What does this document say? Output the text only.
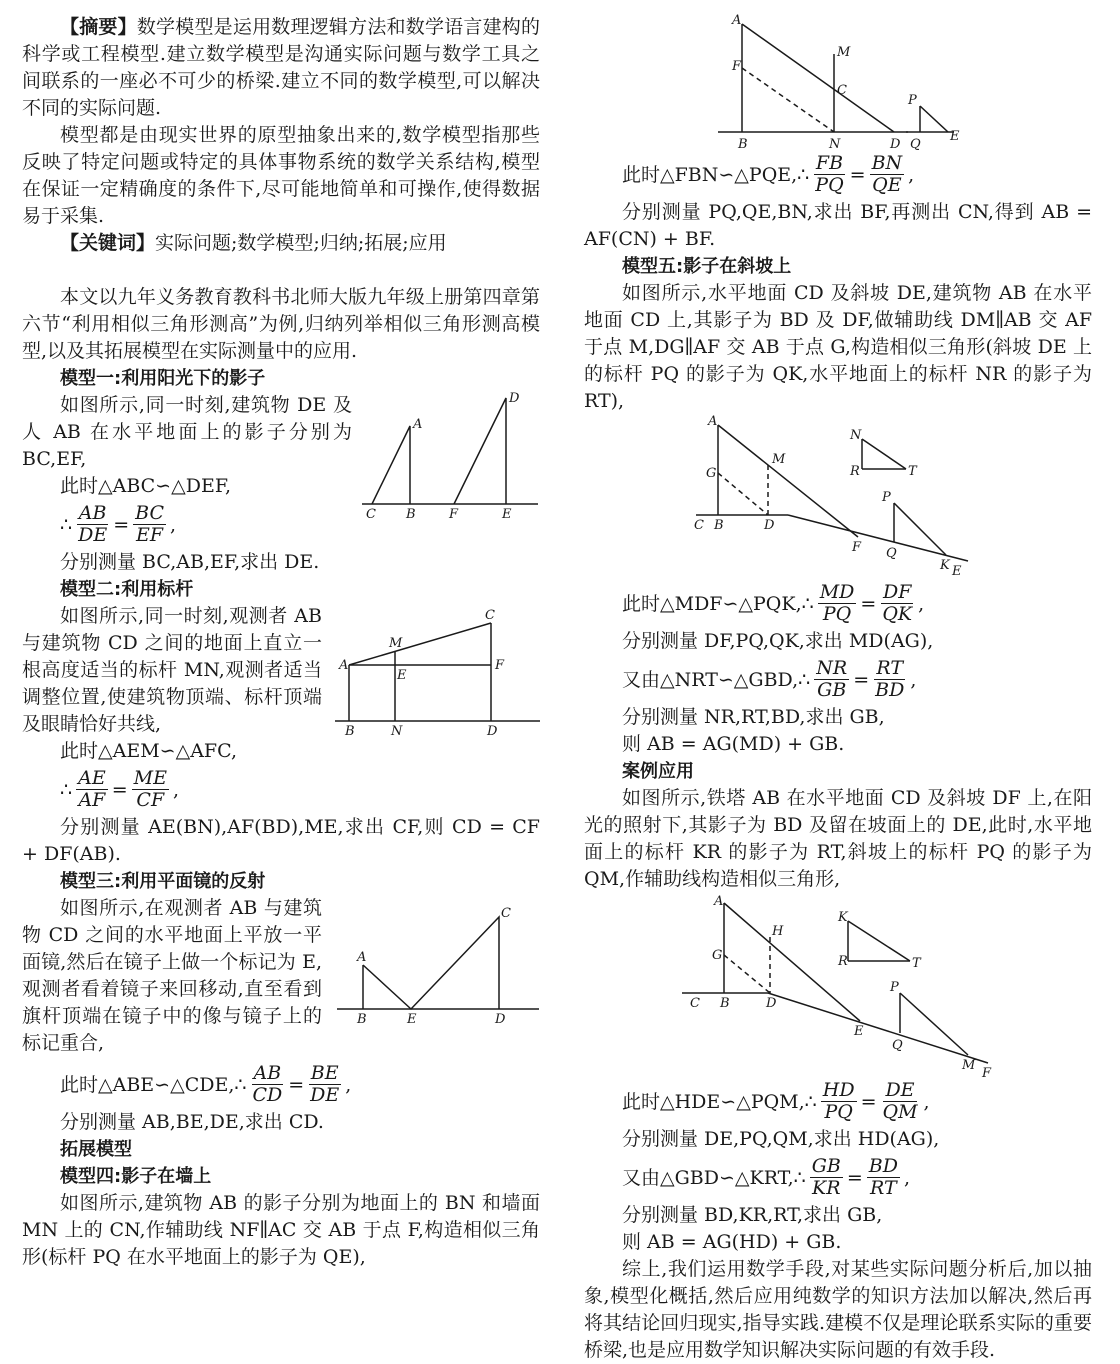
【摘要】数学模型是运用数理逻辑方法和数学语言建构的科学或工程模型.建立数学模型是沟通实际问题与数学工具之间联系的一座必不可少的桥梁.建立不同的数学模型,可以解决不同的实际问题.

模型都是由现实世界的原型抽象出来的,数学模型指那些反映了特定问题或特定的具体事物系统的数学关系结构,模型在保证一定精确度的条件下,尽可能地简单和可操作,使得数据易于采集.

【关键词】实际问题;数学模型;归纳;拓展;应用

本文以九年义务教育教科书北师大版九年级上册第四章第六节“利用相似三角形测高”为例,归纳列举相似三角形测高模型,以及其拓展模型在实际测量中的应用.

模型一:利用阳光下的影子

如图所示,同一时刻,建筑物 DE 及人 AB 在水平地面上的影子分别为 BC,EF,

此时△ABC∽△DEF,

∴ $\frac{AB}{DE} = \frac{BC}{EF}$ ,
A
B
C
D
E
F

分别测量 BC,AB,EF,求出 DE.

模型二:利用标杆

如图所示,同一时刻,观测者 AB 与建筑物 CD 之间的地面上直立一根高度适当的标杆 MN,观测者适当调整位置,使建筑物顶端、标杆顶端及眼睛恰好共线,

此时△AEM∽△AFC,

∴ $\frac{AE}{AF} = \frac{ME}{CF}$ ,
A
B
C
D
E
F
M
N

分别测量 AE(BN),AF(BD),ME,求出 CF,则 CD = CF + DF(AB).

模型三:利用平面镜的反射

如图所示,在观测者 AB 与建筑物 CD 之间的水平地面上平放一平面镜,然后在镜子上做一个标记为 E,观测者看着镜子来回移动,直至看到旗杆顶端在镜子中的像与镜子上的标记重合,

A
B
C
D
E
此时△ABE∽△CDE,∴ $\frac{AB}{CD} = \frac{BE}{DE}$ ,

分别测量 AB,BE,DE,求出 CD.

拓展模型
模型四:影子在墙上

如图所示,建筑物 AB 的影子分别为地面上的 BN 和墙面 MN 上的 CN,作辅助线 NF∥AC 交 AB 于点 F,构造相似三角形(标杆 PQ 在水平地面上的影子为 QE),

A
B
C
D
F
M
N
P
Q
E
此时△FBN∽△PQE,∴ $\frac{FB}{PQ} = \frac{BN}{QE}$ ,

分别测量 PQ,QE,BN,求出 BF,再测出 CN,得到 AB = AF(CN) + BF.

模型五:影子在斜坡上

如图所示,水平地面 CD 及斜坡 DE,建筑物 AB 在水平地面 CD 上,其影子为 BD 及 DF,做辅助线 DM∥AB 交 AF 于点 M,DG∥AF 交 AB 于点 G,构造相似三角形(斜坡 DE 上的标杆 PQ 的影子为 QK,水平地面上的标杆 NR 的影子为 RT),

A
B
C	D
E
F
G
M
N
R	T
P
Q
K
此时△MDF∽△PQK,∴ $\frac{MD}{PQ} = \frac{DF}{QK}$ ,

分别测量 DF,PQ,QK,求出 MD(AG),

又由△NRT∽△GBD,∴ $\frac{NR}{GB} = \frac{RT}{BD}$ ,

分别测量 NR,RT,BD,求出 GB,

则 AB = AG(MD) + GB.

案例应用

如图所示,铁塔 AB 在水平地面 CD 及斜坡 DF 上,在阳光的照射下,其影子为 BD 及留在坡面上的 DE,此时,水平地面上的标杆 KR 的影子为 RT,斜坡上的标杆 PQ 的影子为 QM,作辅助线构造相似三角形,

A
B
C	D
E
F
G
H
K
R	T
P
Q
M
此时△HDE∽△PQM,∴ $\frac{HD}{PQ} = \frac{DE}{QM}$ ,

分别测量 DE,PQ,QM,求出 HD(AG),

又由△GBD∽△KRT,∴ $\frac{GB}{KR} = \frac{BD}{RT}$ ,

分别测量 BD,KR,RT,求出 GB,

则 AB = AG(HD) + GB.

综上,我们运用数学手段,对某些实际问题分析后,加以抽象,模型化概括,然后应用纯数学的知识方法加以解决,然后再将其结论回归现实,指导实践.建模不仅是理论联系实际的重要桥梁,也是应用数学知识解决实际问题的有效手段.
